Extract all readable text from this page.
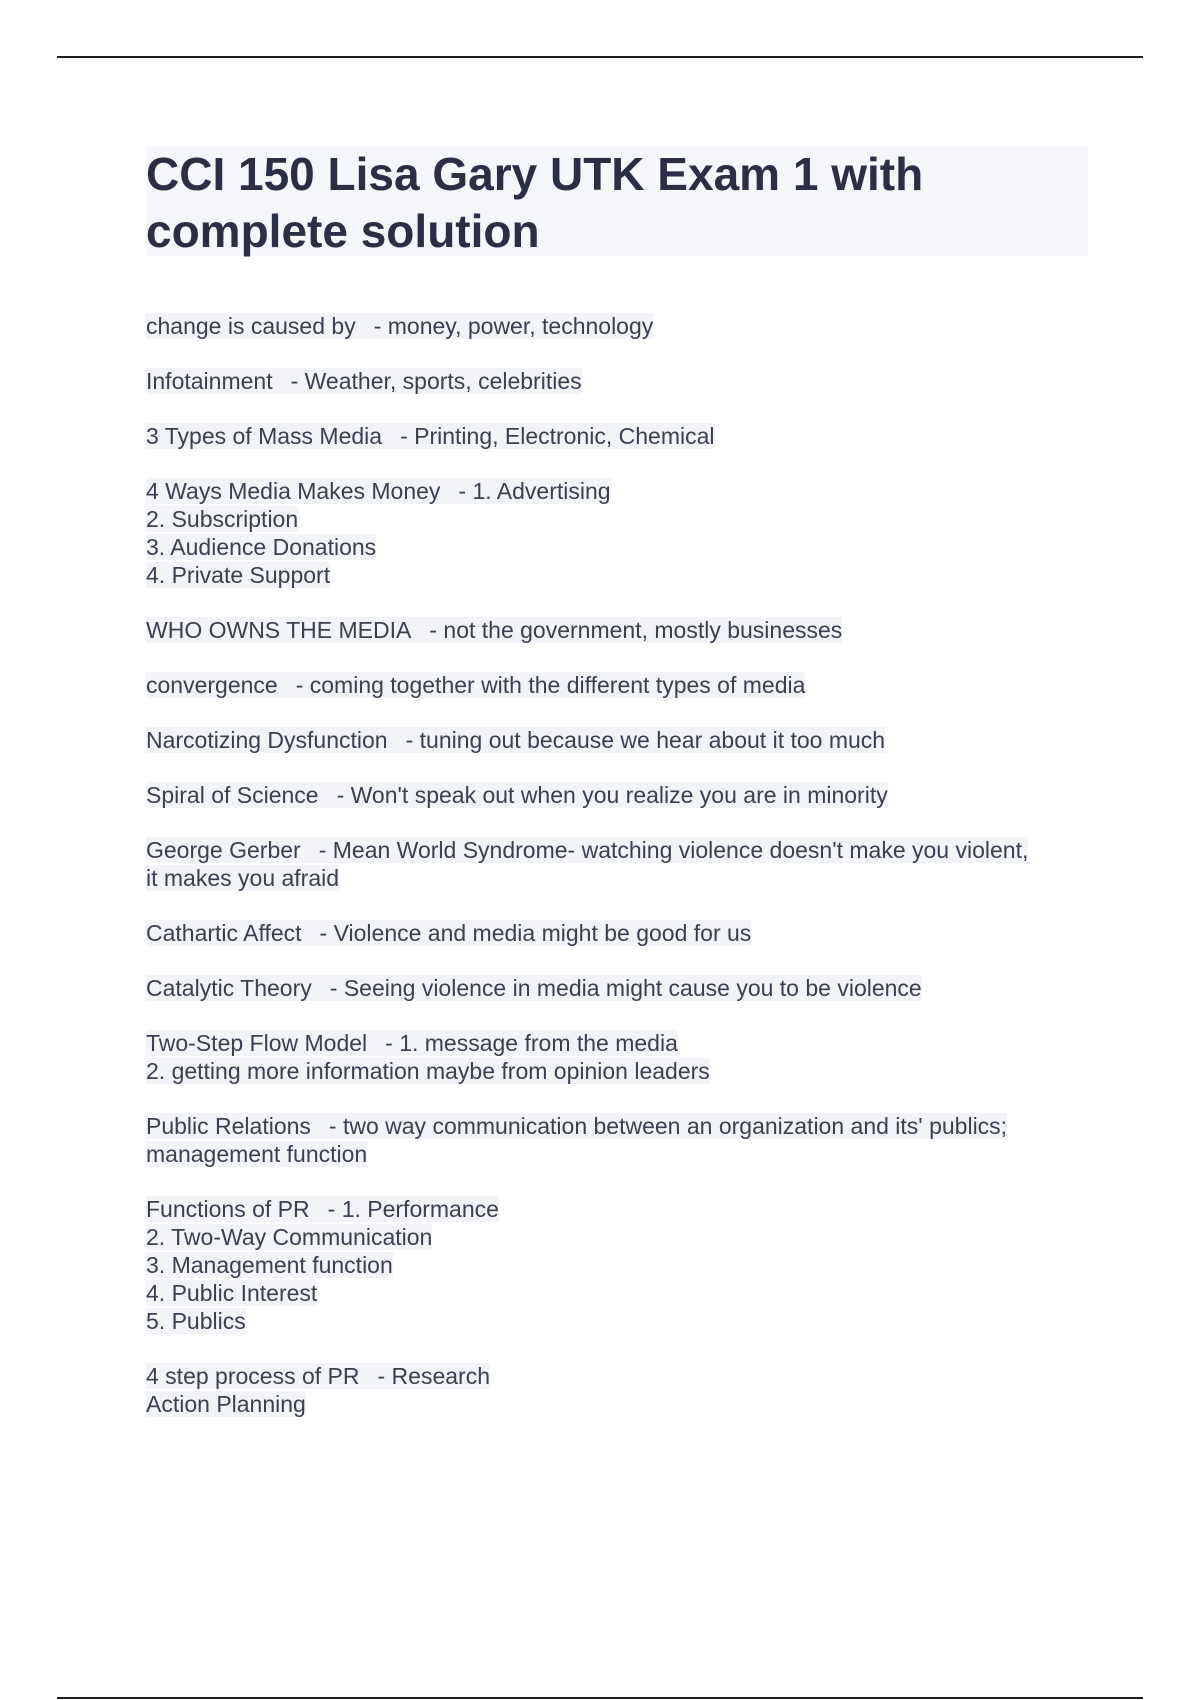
CCI 150 Lisa Gary UTK Exam 1 with
complete solution
change is caused by - money, power, technology
Infotainment - Weather, sports, celebrities
3 Types of Mass Media - Printing, Electronic, Chemical
4 Ways Media Makes Money - 1. Advertising
2. Subscription
3. Audience Donations
4. Private Support
WHO OWNS THE MEDIA - not the government, mostly businesses
convergence - coming together with the different types of media
Narcotizing Dysfunction - tuning out because we hear about it too much
Spiral of Science - Won't speak out when you realize you are in minority
George Gerber - Mean World Syndrome- watching violence doesn't make you violent,
it makes you afraid
Cathartic Affect - Violence and media might be good for us
Catalytic Theory - Seeing violence in media might cause you to be violence
Two-Step Flow Model - 1. message from the media
2. getting more information maybe from opinion leaders
Public Relations - two way communication between an organization and its' publics;
management function
Functions of PR - 1. Performance
2. Two-Way Communication
3. Management function
4. Public Interest
5. Publics
4 step process of PR - Research
Action Planning
